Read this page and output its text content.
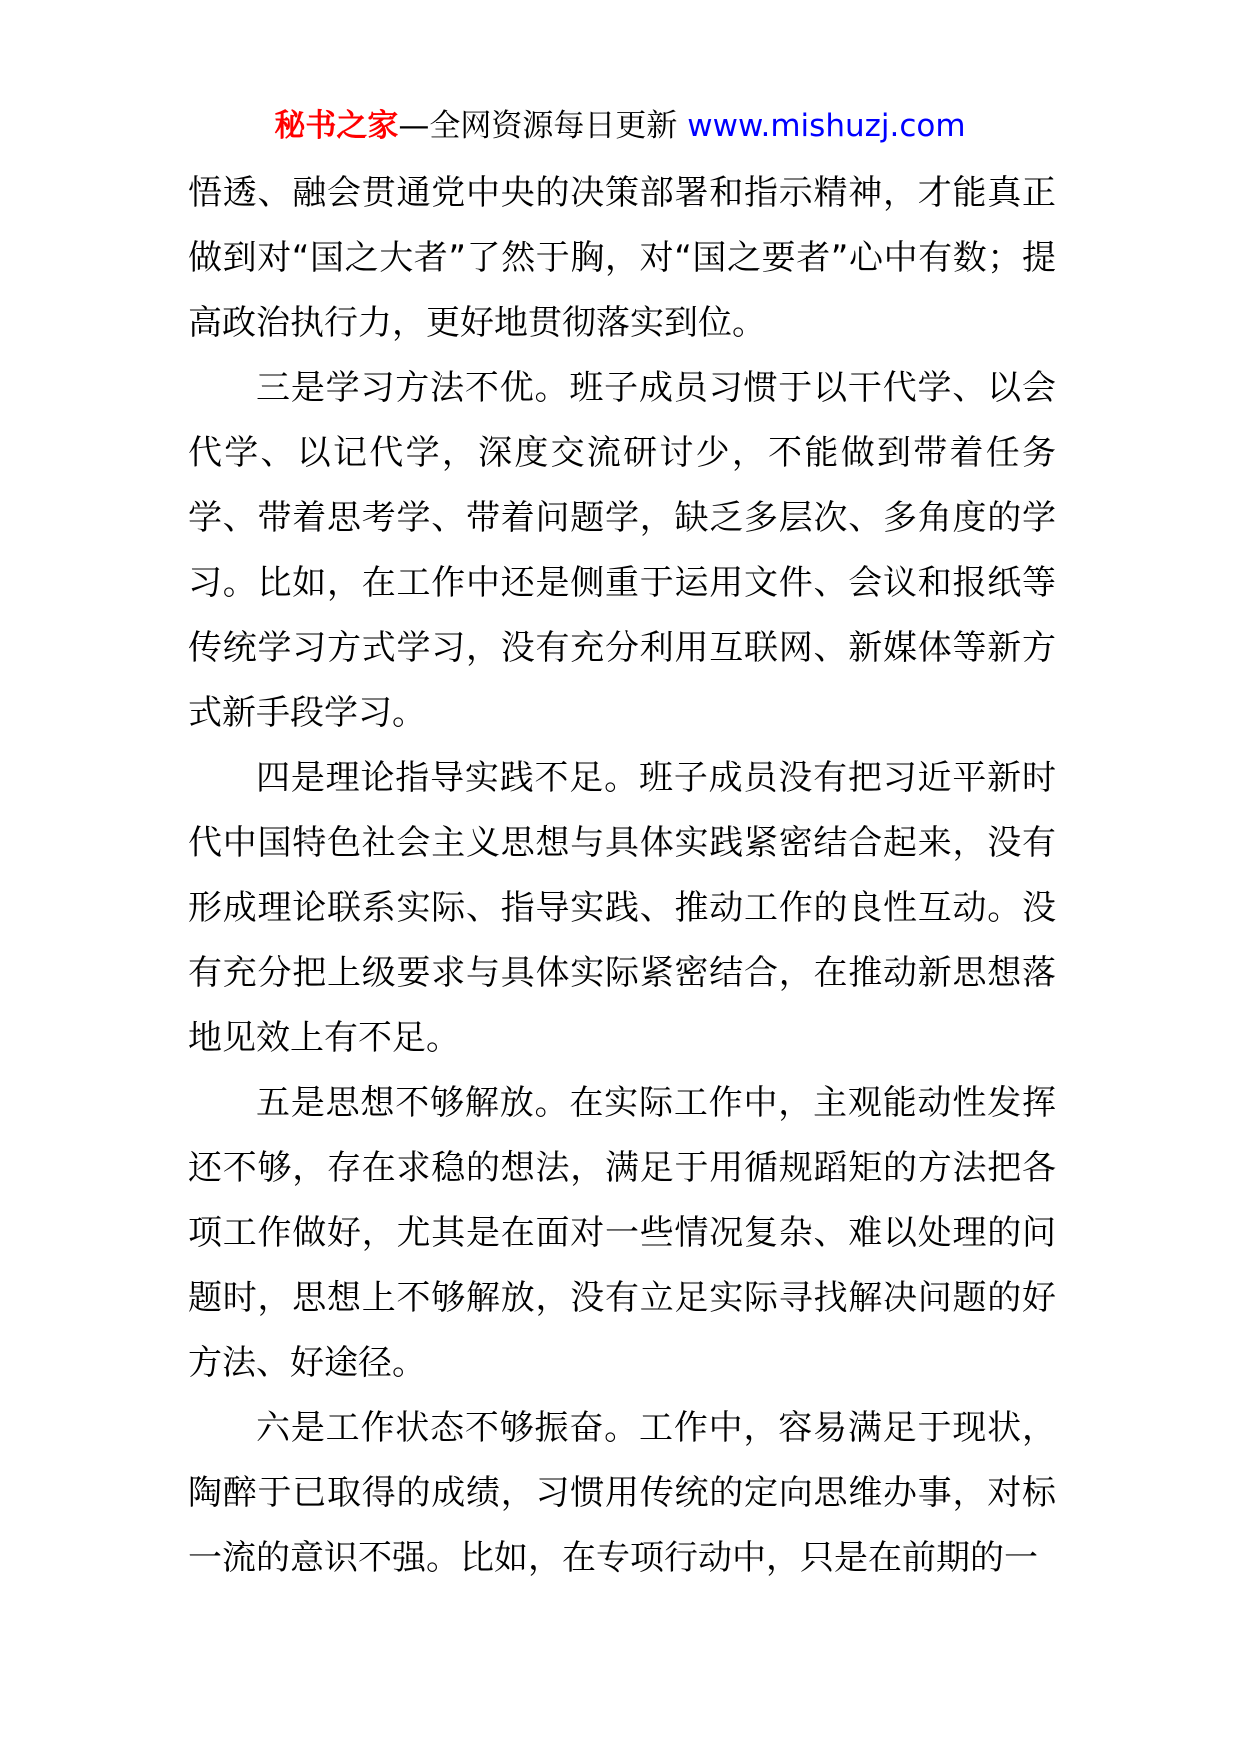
秘书之家—全网资源每日更新 www.mishuzj.com

悟透、融会贯通党中央的决策部署和指示精神，才能真正做到对“国之大者”了然于胸，对“国之要者”心中有数；提高政治执行力，更好地贯彻落实到位。

三是学习方法不优。班子成员习惯于以干代学、以会代学、以记代学，深度交流研讨少，不能做到带着任务学、带着思考学、带着问题学，缺乏多层次、多角度的学习。比如，在工作中还是侧重于运用文件、会议和报纸等传统学习方式学习，没有充分利用互联网、新媒体等新方式新手段学习。

四是理论指导实践不足。班子成员没有把习近平新时代中国特色社会主义思想与具体实践紧密结合起来，没有形成理论联系实际、指导实践、推动工作的良性互动。没有充分把上级要求与具体实际紧密结合，在推动新思想落地见效上有不足。

五是思想不够解放。在实际工作中，主观能动性发挥还不够，存在求稳的想法，满足于用循规蹈矩的方法把各项工作做好，尤其是在面对一些情况复杂、难以处理的问题时，思想上不够解放，没有立足实际寻找解决问题的好方法、好途径。

六是工作状态不够振奋。工作中，容易满足于现状，陶醉于已取得的成绩，习惯用传统的定向思维办事，对标一流的意识不强。比如，在专项行动中，只是在前期的一
